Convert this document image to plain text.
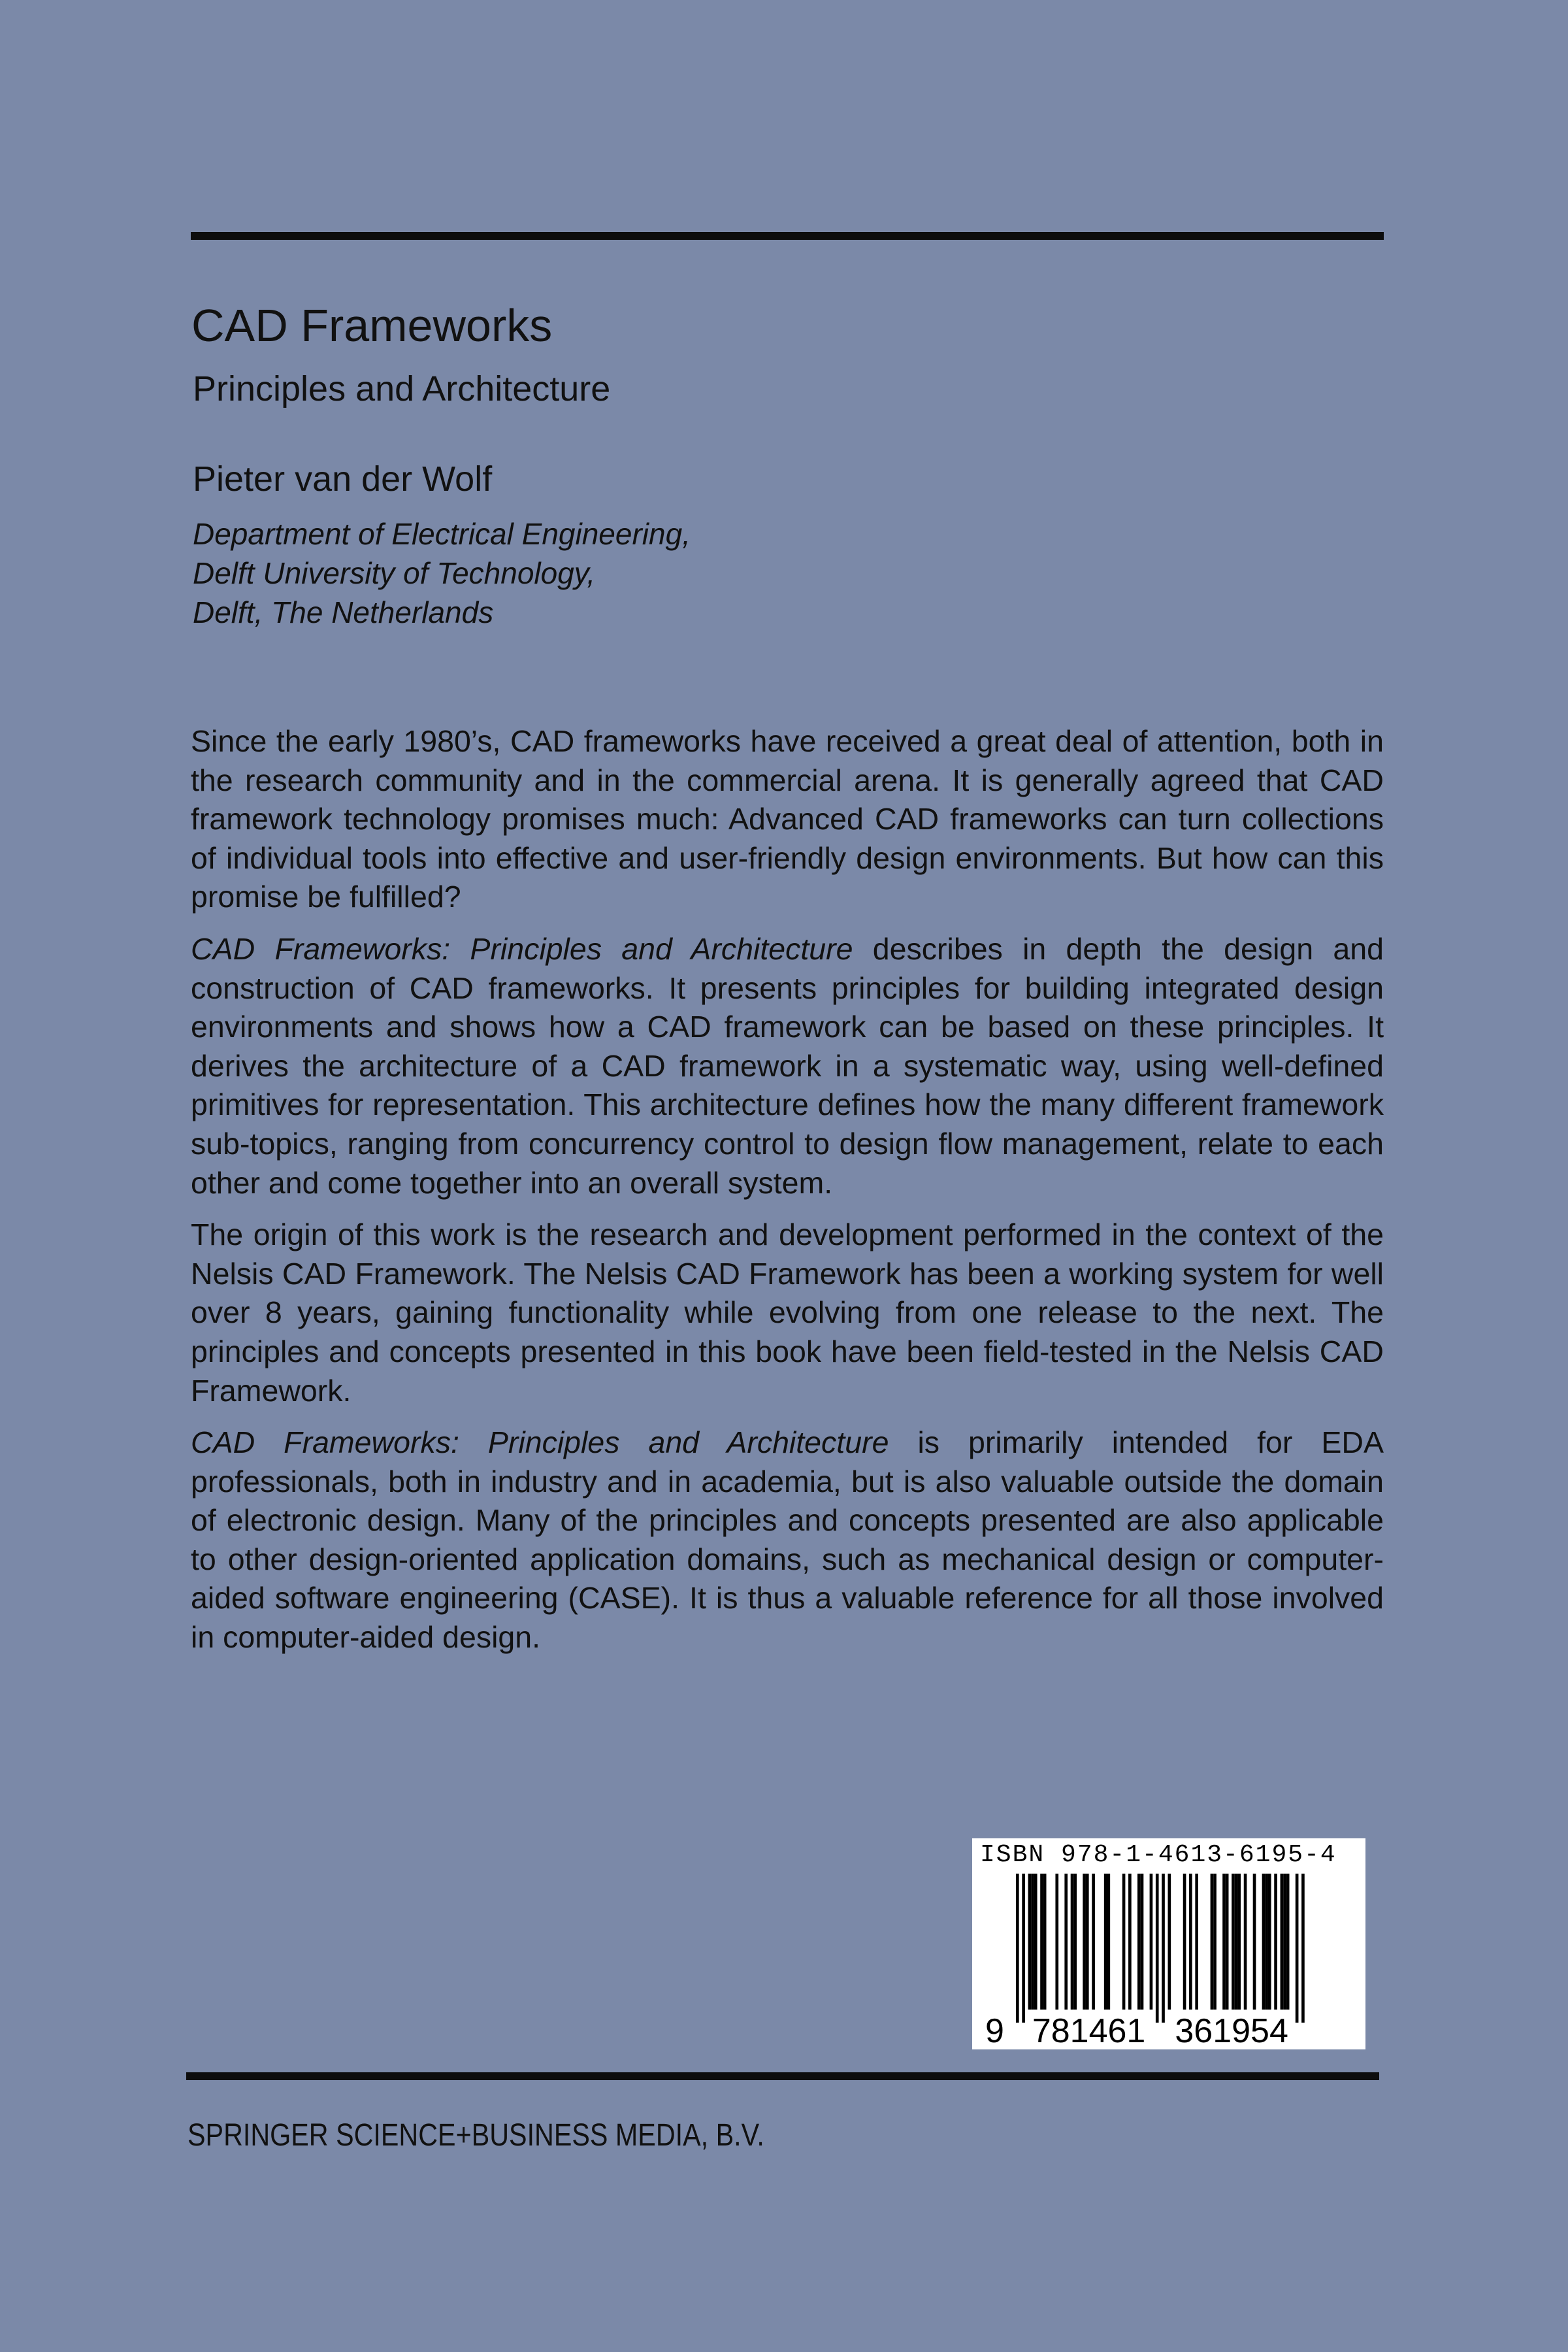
CAD Frameworks
Principles and Architecture
Pieter van der Wolf
Department of Electrical Engineering,
Delft University of Technology,
Delft, The Netherlands

Since the early 1980’s, CAD frameworks have received a great deal of attention, both in the research community and in the commercial arena. It is generally agreed that CAD framework technology promises much: Advanced CAD frameworks can turn collections of individual tools into effective and user-friendly design environments. But how can this promise be fulfilled?

CAD Frameworks: Principles and Architecture describes in depth the design and construction of CAD frameworks. It presents principles for building integrated design environments and shows how a CAD framework can be based on these principles. It derives the architecture of a CAD framework in a systematic way, using well-defined primitives for representation. This architecture defines how the many different framework sub-topics, ranging from concurrency control to design flow management, relate to each other and come together into an overall system.

The origin of this work is the research and development performed in the context of the Nelsis CAD Framework. The Nelsis CAD Framework has been a working system for well over 8 years, gaining functionality while evolving from one release to the next. The principles and concepts presented in this book have been field-tested in the Nelsis CAD Framework.

CAD Frameworks: Principles and Architecture is primarily intended for EDA professionals, both in industry and in academia, but is also valuable outside the domain of electronic design. Many of the principles and concepts presented are also applicable to other design-oriented application domains, such as mechanical design or computer-aided software engineering (CASE). It is thus a valuable reference for all those involved in computer-aided design.

ISBN 978-1-4613-6195-4
9 781461 361954
SPRINGER SCIENCE+BUSINESS MEDIA, B.V.
